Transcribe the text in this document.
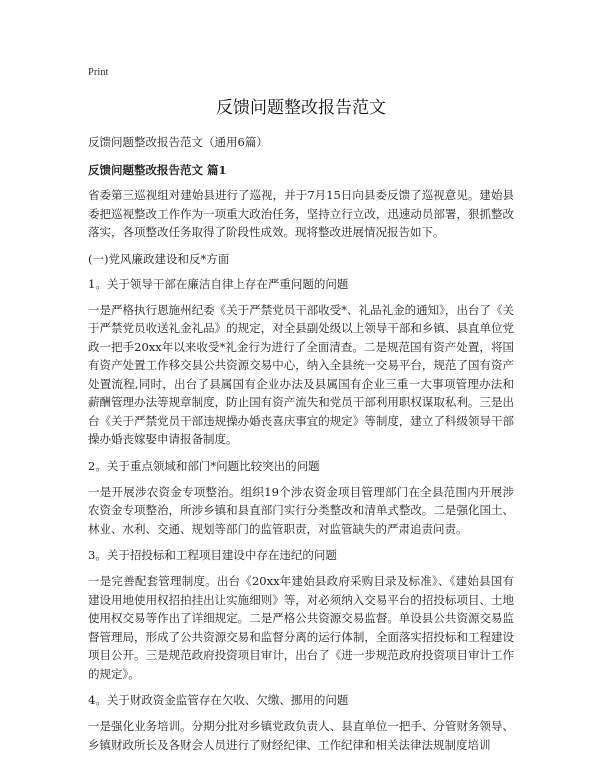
Print
反馈问题整改报告范文
反馈问题整改报告范文（通用6篇）
反馈问题整改报告范文 篇1

省委第三巡视组对建始县进行了巡视，并于7月15日向县委反馈了巡视意见。建始县委把巡视整改工作作为一项重大政治任务，坚持立行立改，迅速动员部署，狠抓整改落实，各项整改任务取得了阶段性成效。现将整改进展情况报告如下。

(一)党风廉政建设和反*方面
1。关于领导干部在廉洁自律上存在严重问题的问题

一是严格执行恩施州纪委《关于严禁党员干部收受*、礼品礼金的通知》，出台了《关于严禁党员收送礼金礼品》的规定，对全县副处级以上领导干部和乡镇、县直单位党政一把手20xx年以来收受*礼金行为进行了全面清查。二是规范国有资产处置，将国有资产处置工作移交县公共资源交易中心，纳入全县统一交易平台，规范了国有资产处置流程,同时，出台了县属国有企业办法及县属国有企业三重一大事项管理办法和薪酬管理办法等规章制度，防止国有资产流失和党员干部利用职权谋取私利。三是出台《关于严禁党员干部违规操办婚丧喜庆事宜的规定》等制度，建立了科级领导干部操办婚丧嫁娶申请报备制度。

2。关于重点领域和部门*问题比较突出的问题

一是开展涉农资金专项整治。组织19个涉农资金项目管理部门在全县范围内开展涉农资金专项整治，所涉乡镇和县直部门实行分类整改和清单式整改。二是强化国土、林业、水利、交通、规划等部门的监管职责，对监管缺失的严肃追责问责。

3。关于招投标和工程项目建设中存在违纪的问题

一是完善配套管理制度。出台《20xx年建始县政府采购目录及标准》、《建始县国有建设用地使用权招拍挂出让实施细则》等，对必须纳入交易平台的招投标项目、土地使用权交易等作出了详细规定。二是严格公共资源交易监督。单设县公共资源交易监督管理局，形成了公共资源交易和监督分离的运行体制，全面落实招投标和工程建设项目公开。三是规范政府投资项目审计，出台了《进一步规范政府投资项目审计工作的规定》。

4。关于财政资金监管存在欠收、欠缴、挪用的问题

一是强化业务培训。分期分批对乡镇党政负责人、县直单位一把手、分管财务领导、乡镇财政所长及各财会人员进行了财经纪律、工作纪律和相关法律法规制度培训
